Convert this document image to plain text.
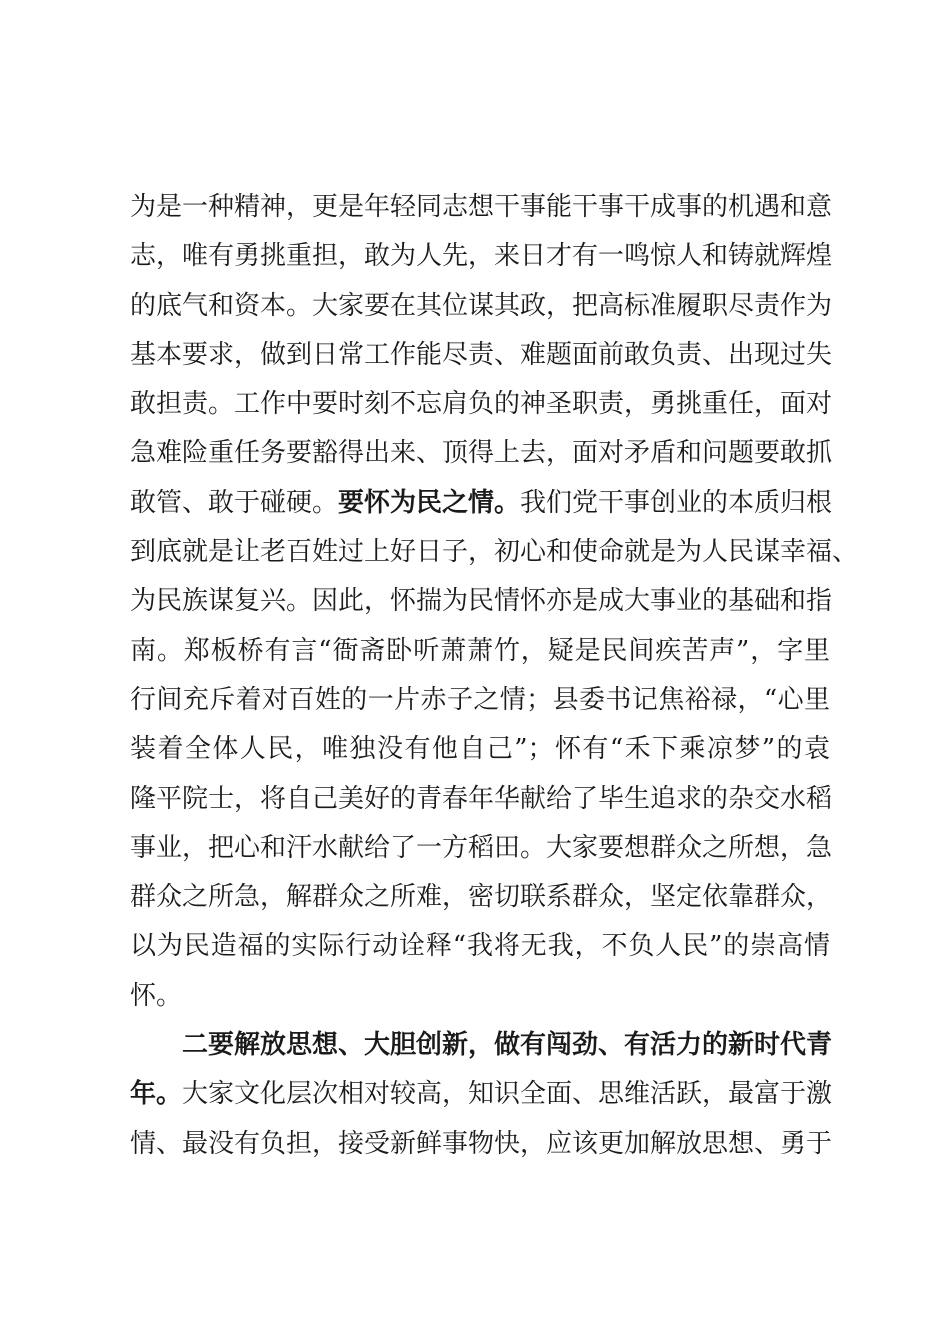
为是一种精神，更是年轻同志想干事能干事干成事的机遇和意
志，唯有勇挑重担，敢为人先，来日才有一鸣惊人和铸就辉煌
的底气和资本。大家要在其位谋其政，把高标准履职尽责作为
基本要求，做到日常工作能尽责、难题面前敢负责、出现过失
敢担责。工作中要时刻不忘肩负的神圣职责，勇挑重任，面对
急难险重任务要豁得出来、顶得上去，面对矛盾和问题要敢抓
敢管、敢于碰硬。要怀为民之情。我们党干事创业的本质归根
到底就是让老百姓过上好日子，初心和使命就是为人民谋幸福、
为民族谋复兴。因此，怀揣为民情怀亦是成大事业的基础和指
南。郑板桥有言“衙斋卧听萧萧竹，疑是民间疾苦声”，字里
行间充斥着对百姓的一片赤子之情；县委书记焦裕禄，“心里
装着全体人民，唯独没有他自己”；怀有“禾下乘凉梦”的袁
隆平院士，将自己美好的青春年华献给了毕生追求的杂交水稻
事业，把心和汗水献给了一方稻田。大家要想群众之所想，急
群众之所急，解群众之所难，密切联系群众，坚定依靠群众，
以为民造福的实际行动诠释“我将无我，不负人民”的崇高情
怀。
二要解放思想、大胆创新，做有闯劲、有活力的新时代青
年。大家文化层次相对较高，知识全面、思维活跃，最富于激
情、最没有负担，接受新鲜事物快，应该更加解放思想、勇于
